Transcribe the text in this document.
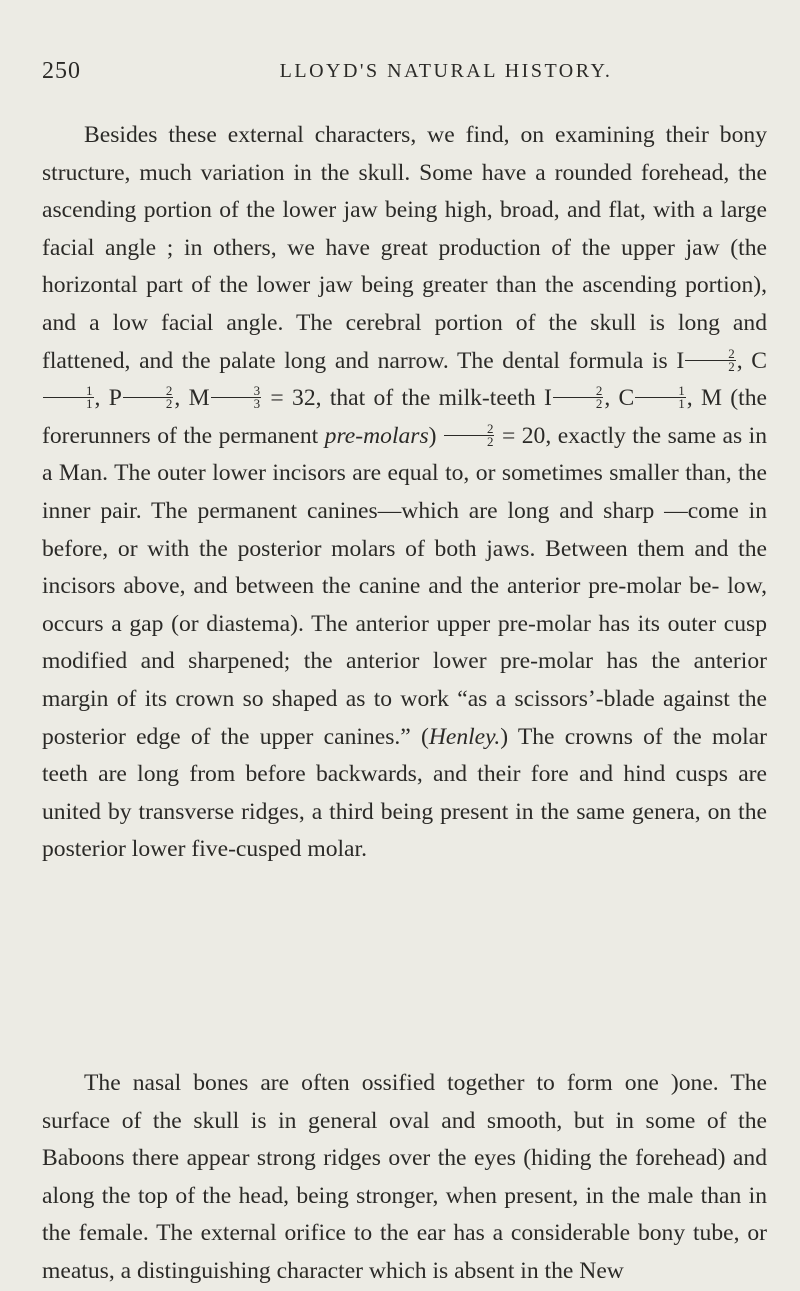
250	LLOYD'S NATURAL HISTORY.

Besides these external characters, we find, on examining their bony structure, much variation in the skull. Some have a rounded forehead, the ascending portion of the lower jaw being high, broad, and flat, with a large facial angle ; in others, we have great production of the upper jaw (the horizontal part of the lower jaw being greater than the ascending portion), and a low facial angle. The cerebral portion of the skull is long and flattened, and the palate long and narrow. The dental formula is I $\frac{2}{2}$ , C
$\frac{1}{1}$ , P $\frac{2}{2}$ , M $\frac{3}{3} = 32$, that of the milk-teeth I $\frac{2}{2}$ , C $\frac{1}{1}$ , M (the forerunners of the permanent pre-molars) $\frac{2}{2} = 20$, exactly the same as in a Man. The outer lower incisors are equal to, or sometimes smaller than, the inner pair. The permanent canines—which are long and sharp —come in before, or with the posterior molars of both jaws. Between them and the incisors above, and between the canine and the anterior pre-molar be- low, occurs a gap (or diastema). The anterior upper pre-molar has its outer cusp modified and sharpened; the anterior lower pre-molar has the anterior margin of its crown so shaped as to work “as a scissors’-blade against the posterior edge of the upper canines.” (Henley.) The crowns of the molar teeth are long from before backwards, and their fore and hind cusps are united by transverse ridges, a third being present in the same genera, on the posterior lower five-cusped molar.

The nasal bones are often ossified together to form one )one. The surface of the skull is in general oval and smooth, but in some of the Baboons there appear strong ridges over the eyes (hiding the forehead) and along the top of the head, being stronger, when present, in the male than in the female. The external orifice to the ear has a considerable bony tube, or meatus, a distinguishing character which is absent in the New
